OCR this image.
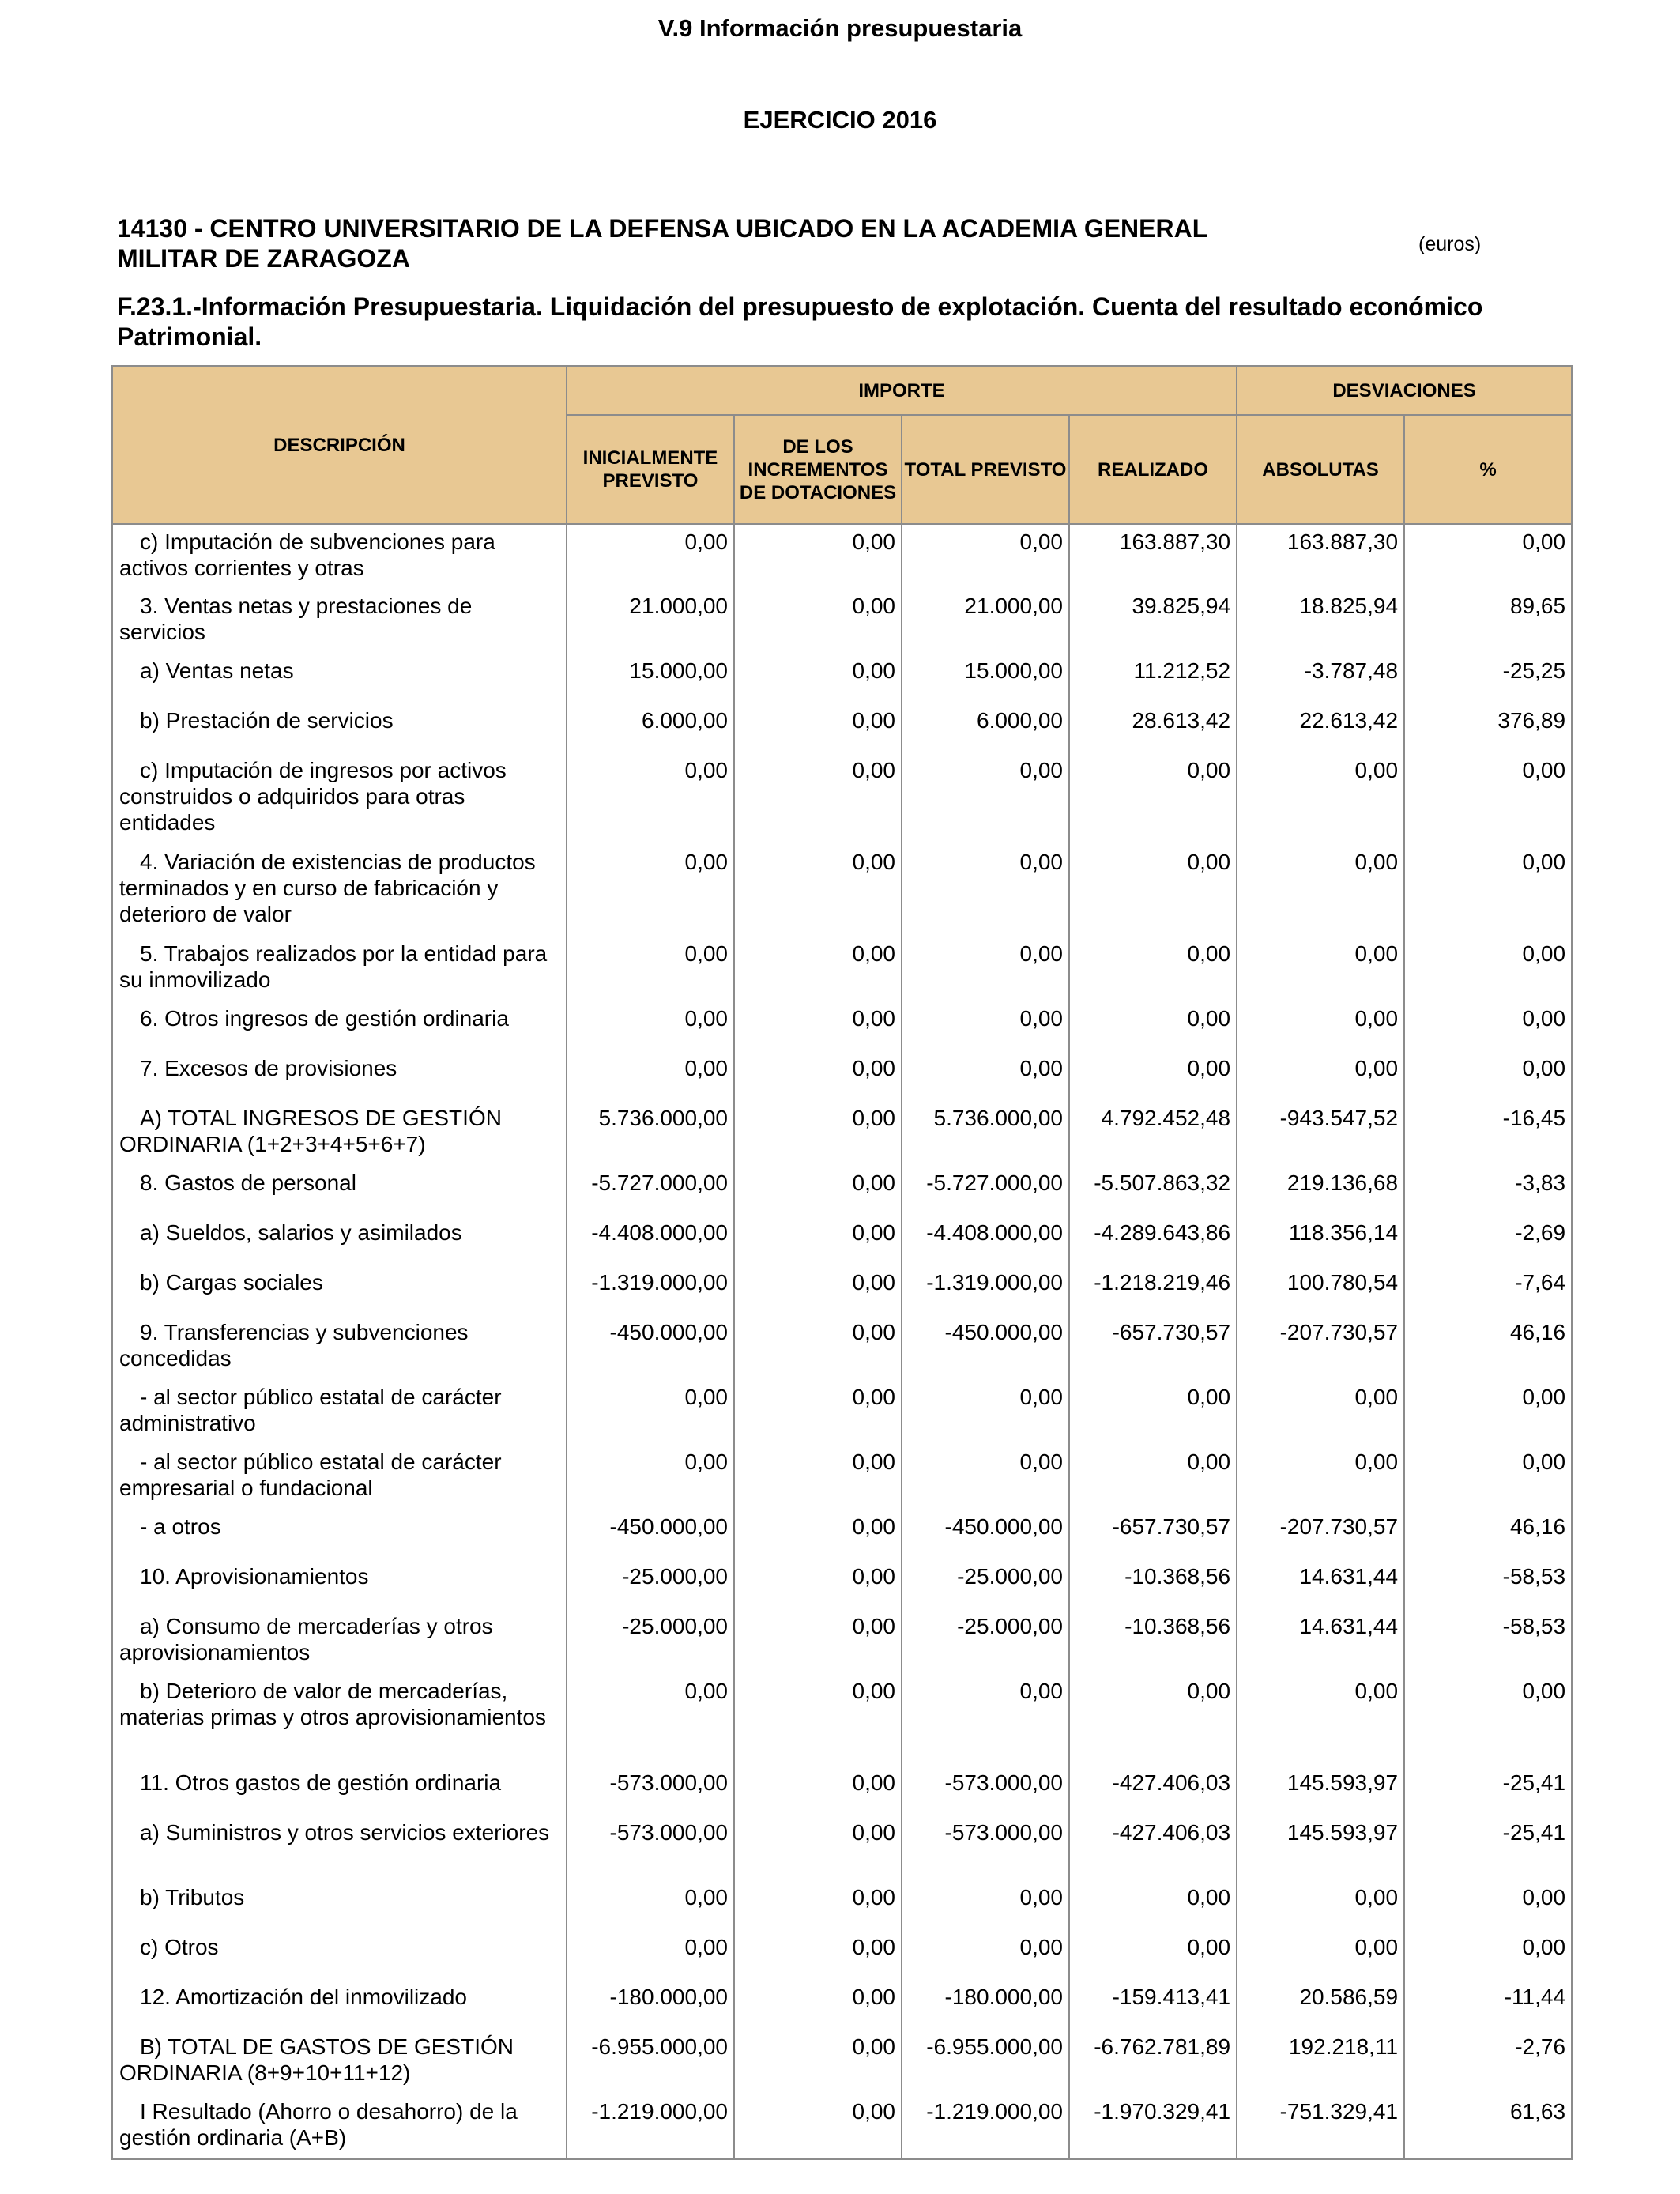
V.9 Información presupuestaria
EJERCICIO 2016
14130 - CENTRO UNIVERSITARIO DE LA DEFENSA UBICADO EN LA ACADEMIA GENERAL MILITAR DE ZARAGOZA	(euros)
F.23.1.-Información Presupuestaria. Liquidación del presupuesto de explotación. Cuenta del resultado económico Patrimonial.
DESCRIPCIÓN	IMPORTE				DESVIACIONES	
	INICIALMENTE PREVISTO	DE LOS INCREMENTOS DE DOTACIONES	TOTAL PREVISTO	REALIZADO	ABSOLUTAS	%
c) Imputación de subvenciones para activos corrientes y otras	0,00	0,00	0,00	163.887,30	163.887,30	0,00
3. Ventas netas y prestaciones de servicios	21.000,00	0,00	21.000,00	39.825,94	18.825,94	89,65
a) Ventas netas	15.000,00	0,00	15.000,00	11.212,52	-3.787,48	-25,25
b) Prestación de servicios	6.000,00	0,00	6.000,00	28.613,42	22.613,42	376,89
c) Imputación de ingresos por activos construidos o adquiridos para otras entidades	0,00	0,00	0,00	0,00	0,00	0,00
4. Variación de existencias de productos terminados y en curso de fabricación y deterioro de valor	0,00	0,00	0,00	0,00	0,00	0,00
5. Trabajos realizados por la entidad para su inmovilizado	0,00	0,00	0,00	0,00	0,00	0,00
6. Otros ingresos de gestión ordinaria	0,00	0,00	0,00	0,00	0,00	0,00
7. Excesos de provisiones	0,00	0,00	0,00	0,00	0,00	0,00
A) TOTAL INGRESOS DE GESTIÓN ORDINARIA (1+2+3+4+5+6+7)	5.736.000,00	0,00	5.736.000,00	4.792.452,48	-943.547,52	-16,45
8. Gastos de personal	-5.727.000,00	0,00	-5.727.000,00	-5.507.863,32	219.136,68	-3,83
a) Sueldos, salarios y asimilados	-4.408.000,00	0,00	-4.408.000,00	-4.289.643,86	118.356,14	-2,69
b) Cargas sociales	-1.319.000,00	0,00	-1.319.000,00	-1.218.219,46	100.780,54	-7,64
9. Transferencias y subvenciones concedidas	-450.000,00	0,00	-450.000,00	-657.730,57	-207.730,57	46,16
- al sector público estatal de carácter administrativo	0,00	0,00	0,00	0,00	0,00	0,00
- al sector público estatal de carácter empresarial o fundacional	0,00	0,00	0,00	0,00	0,00	0,00
- a otros	-450.000,00	0,00	-450.000,00	-657.730,57	-207.730,57	46,16
10. Aprovisionamientos	-25.000,00	0,00	-25.000,00	-10.368,56	14.631,44	-58,53
a) Consumo de mercaderías y otros aprovisionamientos	-25.000,00	0,00	-25.000,00	-10.368,56	14.631,44	-58,53
b) Deterioro de valor de mercaderías, materias primas y otros aprovisionamientos	0,00	0,00	0,00	0,00	0,00	0,00
11. Otros gastos de gestión ordinaria	-573.000,00	0,00	-573.000,00	-427.406,03	145.593,97	-25,41
a) Suministros y otros servicios exteriores	-573.000,00	0,00	-573.000,00	-427.406,03	145.593,97	-25,41
b) Tributos	0,00	0,00	0,00	0,00	0,00	0,00
c) Otros	0,00	0,00	0,00	0,00	0,00	0,00
12. Amortización del inmovilizado	-180.000,00	0,00	-180.000,00	-159.413,41	20.586,59	-11,44
B) TOTAL DE GASTOS DE GESTIÓN ORDINARIA (8+9+10+11+12)	-6.955.000,00	0,00	-6.955.000,00	-6.762.781,89	192.218,11	-2,76
I Resultado (Ahorro o desahorro) de la gestión ordinaria (A+B)	-1.219.000,00	0,00	-1.219.000,00	-1.970.329,41	-751.329,41	61,63
